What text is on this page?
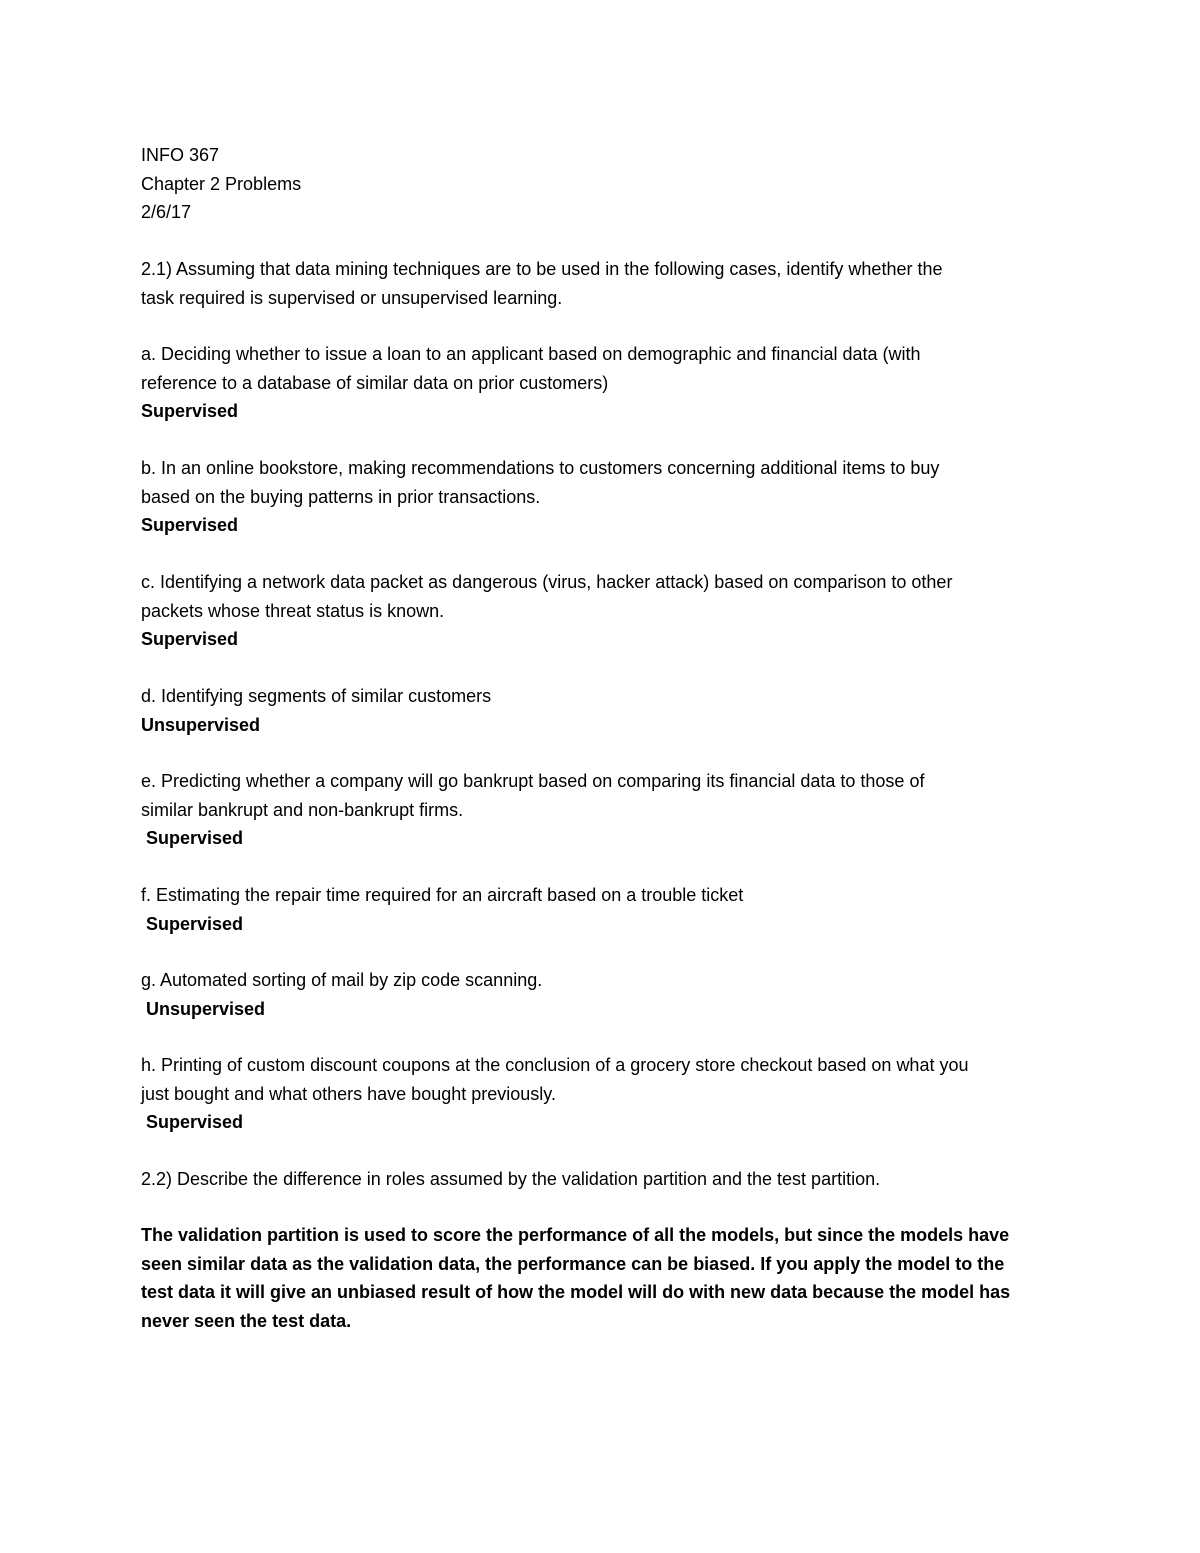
INFO 367
Chapter 2 Problems
2/6/17
2.1) Assuming that data mining techniques are to be used in the following cases, identify whether the
task required is supervised or unsupervised learning.
a. Deciding whether to issue a loan to an applicant based on demographic and financial data (with
reference to a database of similar data on prior customers)
Supervised
b. In an online bookstore, making recommendations to customers concerning additional items to buy
based on the buying patterns in prior transactions.
Supervised
c. Identifying a network data packet as dangerous (virus, hacker attack) based on comparison to other
packets whose threat status is known.
Supervised
d. Identifying segments of similar customers
Unsupervised
e. Predicting whether a company will go bankrupt based on comparing its financial data to those of
similar bankrupt and non-bankrupt firms.
Supervised
f. Estimating the repair time required for an aircraft based on a trouble ticket
Supervised
g. Automated sorting of mail by zip code scanning.
Unsupervised
h. Printing of custom discount coupons at the conclusion of a grocery store checkout based on what you
just bought and what others have bought previously.
Supervised
2.2) Describe the difference in roles assumed by the validation partition and the test partition.
The validation partition is used to score the performance of all the models, but since the models have
seen similar data as the validation data, the performance can be biased. If you apply the model to the
test data it will give an unbiased result of how the model will do with new data because the model has
never seen the test data.
